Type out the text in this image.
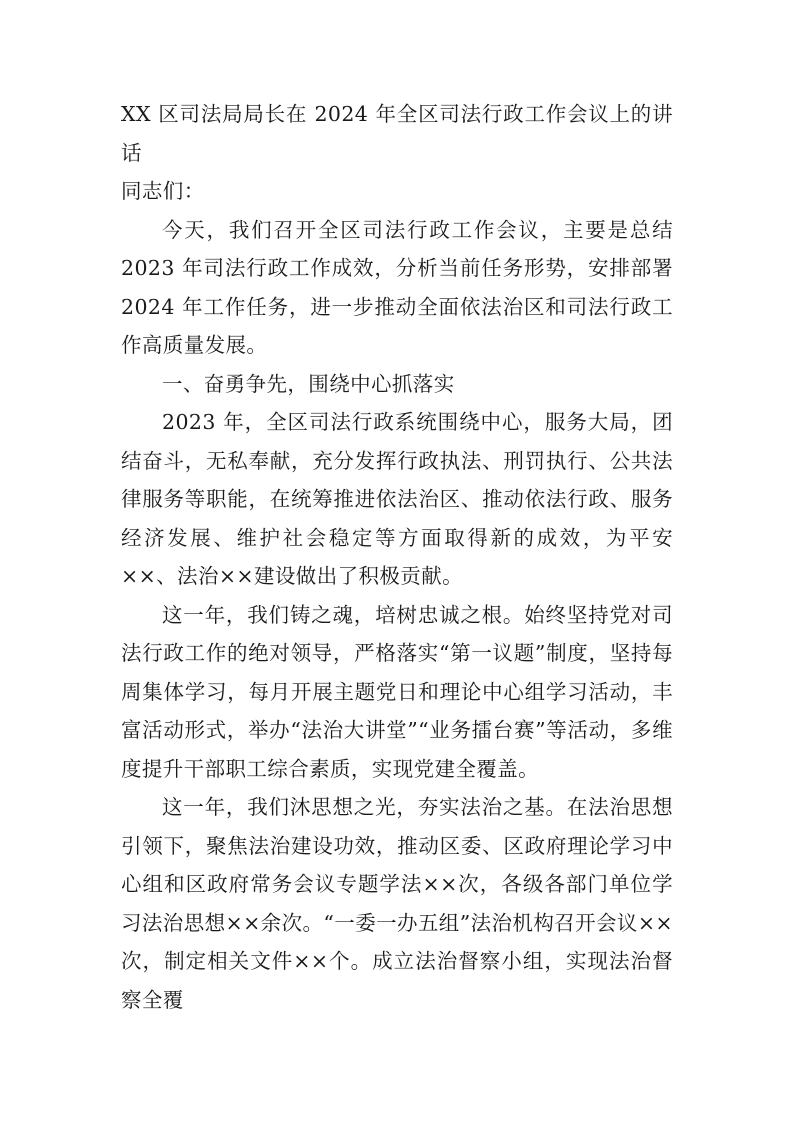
XX 区司法局局长在 2024 年全区司法行政工作会议上的讲话

同志们：

今天，我们召开全区司法行政工作会议，主要是总结 2023 年司法行政工作成效，分析当前任务形势，安排部署 2024 年工作任务，进一步推动全面依法治区和司法行政工作高质量发展。

一、奋勇争先，围绕中心抓落实

2023 年，全区司法行政系统围绕中心，服务大局，团结奋斗，无私奉献，充分发挥行政执法、刑罚执行、公共法律服务等职能，在统筹推进依法治区、推动依法行政、服务经济发展、维护社会稳定等方面取得新的成效，为平安××、法治××建设做出了积极贡献。

这一年，我们铸之魂，培树忠诚之根。始终坚持党对司法行政工作的绝对领导，严格落实“第一议题”制度，坚持每周集体学习，每月开展主题党日和理论中心组学习活动，丰富活动形式，举办“法治大讲堂”“业务擂台赛”等活动，多维度提升干部职工综合素质，实现党建全覆盖。

这一年，我们沐思想之光，夯实法治之基。在法治思想引领下，聚焦法治建设功效，推动区委、区政府理论学习中心组和区政府常务会议专题学法××次，各级各部门单位学习法治思想××余次。“一委一办五组”法治机构召开会议××次，制定相关文件××个。成立法治督察小组，实现法治督察全覆
